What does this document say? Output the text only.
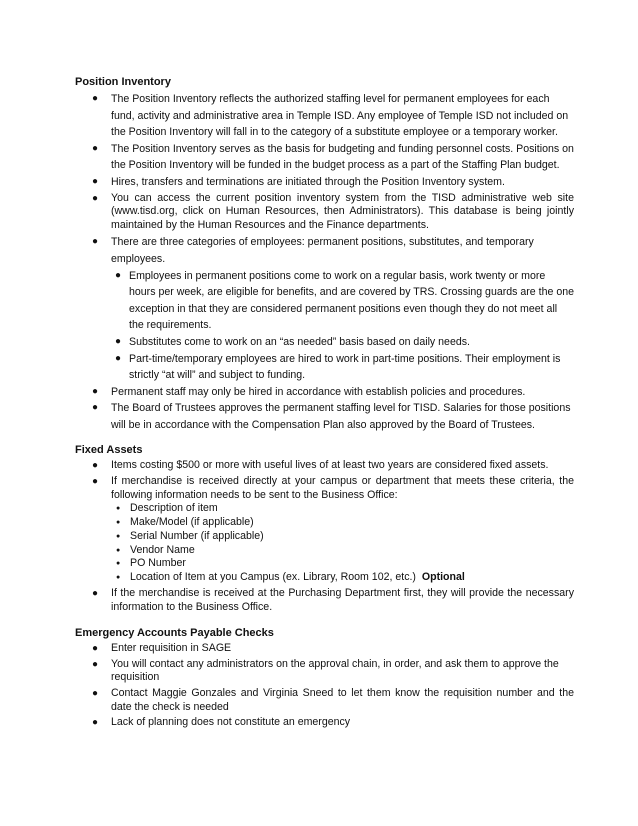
Position Inventory
● The Position Inventory reflects the authorized staffing level for permanent employees for each fund, activity and administrative area in Temple ISD. Any employee of Temple ISD not included on the Position Inventory will fall in to the category of a substitute employee or a temporary worker.
● The Position Inventory serves as the basis for budgeting and funding personnel costs. Positions on the Position Inventory will be funded in the budget process as a part of the Staffing Plan budget.
● Hires, transfers and terminations are initiated through the Position Inventory system.
● You can access the current position inventory system from the TISD administrative web site (www.tisd.org, click on Human Resources, then Administrators). This database is being jointly maintained by the Human Resources and the Finance departments.
● There are three categories of employees: permanent positions, substitutes, and temporary employees.
● Employees in permanent positions come to work on a regular basis, work twenty or more hours per week, are eligible for benefits, and are covered by TRS. Crossing guards are the one exception in that they are considered permanent positions even though they do not meet all the requirements.
● Substitutes come to work on an “as needed” basis based on daily needs.
● Part-time/temporary employees are hired to work in part-time positions. Their employment is strictly “at will” and subject to funding.
● Permanent staff may only be hired in accordance with establish policies and procedures.
● The Board of Trustees approves the permanent staffing level for TISD. Salaries for those positions will be in accordance with the Compensation Plan also approved by the Board of Trustees.
Fixed Assets
● Items costing $500 or more with useful lives of at least two years are considered fixed assets.
● If merchandise is received directly at your campus or department that meets these criteria, the following information needs to be sent to the Business Office:
● Description of item
● Make/Model (if applicable)
● Serial Number (if applicable)
● Vendor Name
● PO Number
● Location of Item at you Campus (ex. Library, Room 102, etc.) Optional
● If the merchandise is received at the Purchasing Department first, they will provide the necessary information to the Business Office.
Emergency Accounts Payable Checks
● Enter requisition in SAGE
● You will contact any administrators on the approval chain, in order, and ask them to approve the requisition
● Contact Maggie Gonzales and Virginia Sneed to let them know the requisition number and the date the check is needed
● Lack of planning does not constitute an emergency
